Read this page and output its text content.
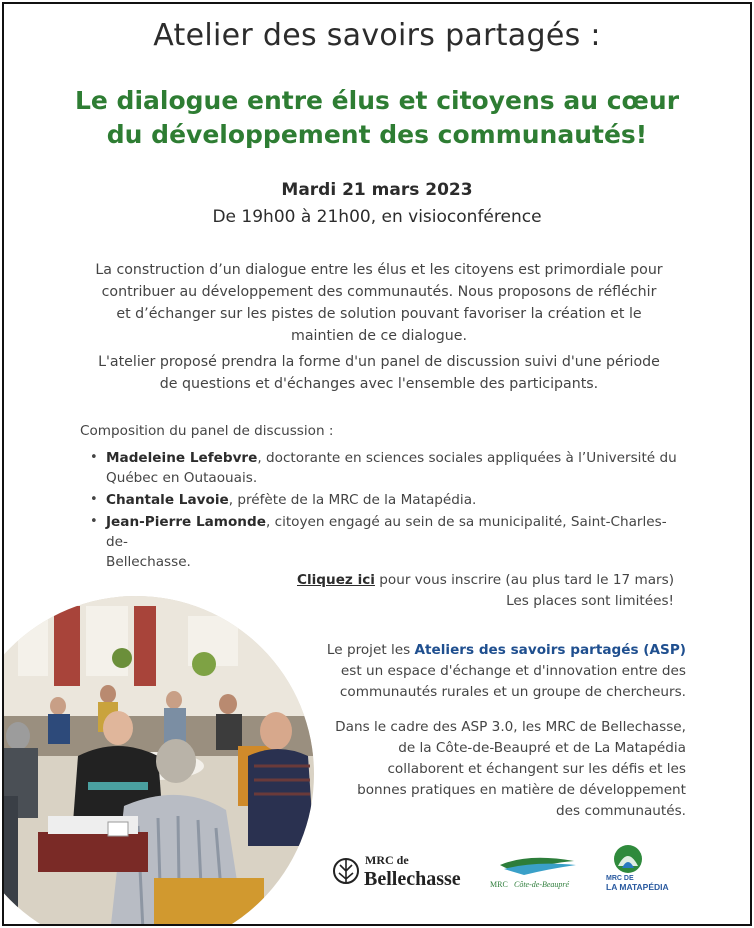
Atelier des savoirs partagés :
Le dialogue entre élus et citoyens au cœur
du développement des communautés!
Mardi 21 mars 2023
De 19h00 à 21h00, en visioconférence
La construction d’un dialogue entre les élus et les citoyens est primordiale pour
contribuer au développement des communautés. Nous proposons de réfléchir
et d’échanger sur les pistes de solution pouvant favoriser la création et le
maintien de ce dialogue.
L'atelier proposé prendra la forme d'un panel de discussion suivi d'une période
de questions et d'échanges avec l'ensemble des participants.
Composition du panel de discussion :
• Madeleine Lefebvre, doctorante en sciences sociales appliquées à l’Université du
Québec en Outaouais.
• Chantale Lavoie, préfète de la MRC de la Matapédia.
• Jean-Pierre Lamonde, citoyen engagé au sein de sa municipalité, Saint-Charles-de-
Bellechasse.
Cliquez ici pour vous inscrire (au plus tard le 17 mars)
Les places sont limitées!
Le projet les Ateliers des savoirs partagés (ASP)
est un espace d'échange et d'innovation entre des
communautés rurales et un groupe de chercheurs.
Dans le cadre des ASP 3.0, les MRC de Bellechasse,
de la Côte-de-Beaupré et de La Matapédia
collaborent et échangent sur les défis et les
bonnes pratiques en matière de développement
des communautés.
MRC de
Bellechasse	MRC Côte-de-Beaupré
MRC DE
LA MATAPÉDIA
